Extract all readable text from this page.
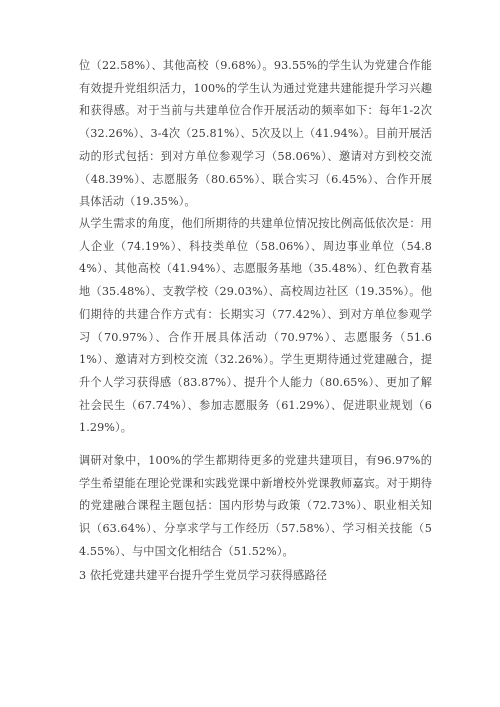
位（22.58%）、其他高校（9.68%）。93.55%的学生认为党建合作能有效提升党组织活力，100%的学生认为通过党建共建能提升学习兴趣和获得感。对于当前与共建单位合作开展活动的频率如下：每年1-2次（32.26%）、3-4次（25.81%）、5次及以上（41.94%）。目前开展活动的形式包括：到对方单位参观学习（58.06%）、邀请对方到校交流（48.39%）、志愿服务（80.65%）、联合实习（6.45%）、合作开展具体活动（19.35%）。

从学生需求的角度，他们所期待的共建单位情况按比例高低依次是：用人企业（74.19%）、科技类单位（58.06%）、周边事业单位（54.84%）、其他高校（41.94%）、志愿服务基地（35.48%）、红色教育基地（35.48%）、支教学校（29.03%）、高校周边社区（19.35%）。他们期待的共建合作方式有：长期实习（77.42%）、到对方单位参观学习（70.97%）、合作开展具体活动（70.97%）、志愿服务（51.61%）、邀请对方到校交流（32.26%）。学生更期待通过党建融合，提升个人学习获得感（83.87%）、提升个人能力（80.65%）、更加了解社会民生（67.74%）、参加志愿服务（61.29%）、促进职业规划（61.29%）。

调研对象中，100%的学生都期待更多的党建共建项目，有96.97%的学生希望能在理论党课和实践党课中新增校外党课教师嘉宾。对于期待的党建融合课程主题包括：国内形势与政策（72.73%）、职业相关知识（63.64%）、分享求学与工作经历（57.58%）、学习相关技能（54.55%）、与中国文化相结合（51.52%）。

3 依托党建共建平台提升学生党员学习获得感路径
